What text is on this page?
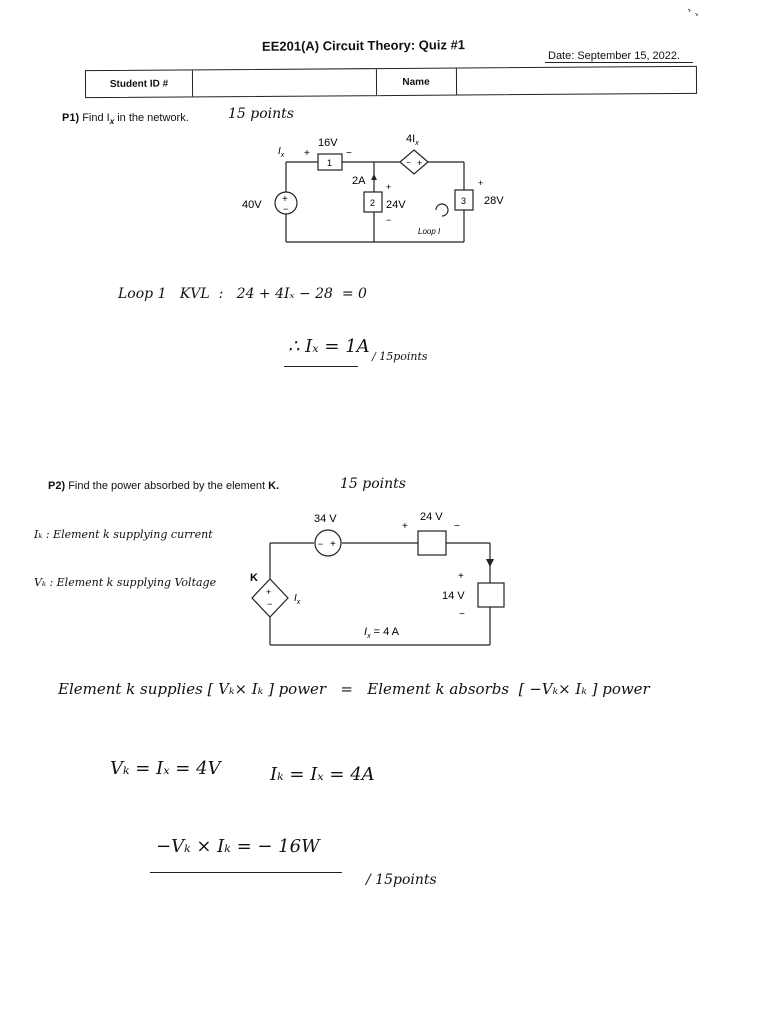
˺ ˺
EE201(A) Circuit Theory: Quiz #1
Date: September 15, 2022.
Student ID #	Name
P1) Find $I_x$ in the network.	15 points
+
−
40V
1
16V
+	−
$I_x$
− +
$4I_x$
2
2A +
24V
−
Loop I
3
+
28V
Loop 1   KVL  :   24 + 4Iₓ − 28  = 0
∴ Iₓ = 1A / 15points
P2) Find the power absorbed by the element K.	15 points
Iₖ : Element k supplying current
Vₖ : Element k supplying Voltage
− +
34 V	24 V
+	−
+
14 V
−
+
−
K
$I_x$
$I_x = 4$ A
Element k supplies [ Vₖ× Iₖ ] power   =   Element k absorbs  [ −Vₖ× Iₖ ] power
Vₖ = Iₓ = 4V	Iₖ = Iₓ = 4A
−Vₖ × Iₖ = − 16W
/ 15points
